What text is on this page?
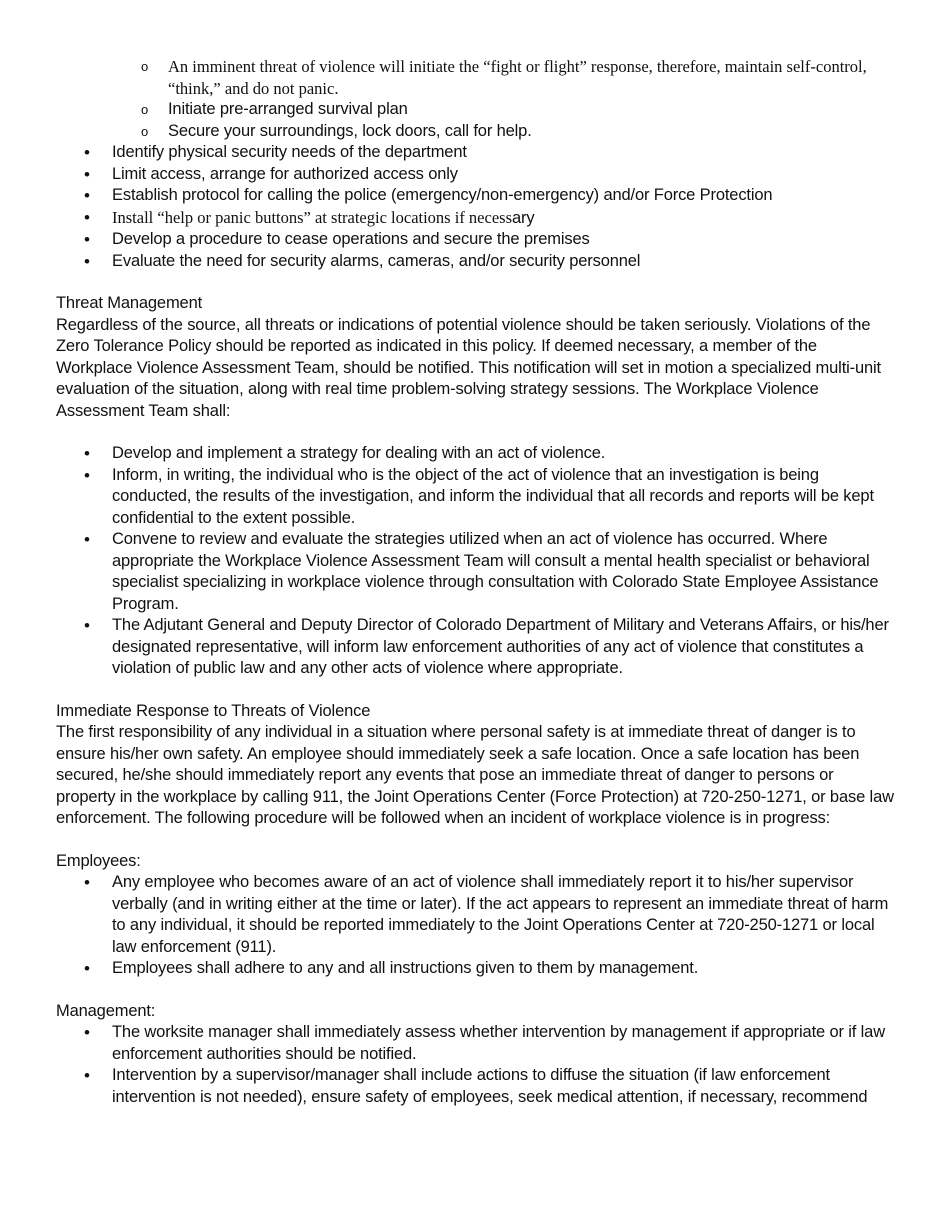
o An imminent threat of violence will initiate the “fight or flight” response, therefore, maintain self-control, “think,” and do not panic.
o Initiate pre-arranged survival plan
o Secure your surroundings, lock doors, call for help.
• Identify physical security needs of the department
• Limit access, arrange for authorized access only
• Establish protocol for calling the police (emergency/non-emergency) and/or Force Protection
• Install “help or panic buttons” at strategic locations if necessary
• Develop a procedure to cease operations and secure the premises
• Evaluate the need for security alarms, cameras, and/or security personnel
Threat Management

Regardless of the source, all threats or indications of potential violence should be taken seriously. Violations of the Zero Tolerance Policy should be reported as indicated in this policy. If deemed necessary, a member of the Workplace Violence Assessment Team, should be notified. This notification will set in motion a specialized multi-unit evaluation of the situation, along with real time problem-solving strategy sessions. The Workplace Violence Assessment Team shall:

• Develop and implement a strategy for dealing with an act of violence.
• Inform, in writing, the individual who is the object of the act of violence that an investigation is being conducted, the results of the investigation, and inform the individual that all records and reports will be kept confidential to the extent possible.
• Convene to review and evaluate the strategies utilized when an act of violence has occurred. Where appropriate the Workplace Violence Assessment Team will consult a mental health specialist or behavioral specialist specializing in workplace violence through consultation with Colorado State Employee Assistance Program.
• The Adjutant General and Deputy Director of Colorado Department of Military and Veterans Affairs, or his/her designated representative, will inform law enforcement authorities of any act of violence that constitutes a violation of public law and any other acts of violence where appropriate.
Immediate Response to Threats of Violence

The first responsibility of any individual in a situation where personal safety is at immediate threat of danger is to ensure his/her own safety. An employee should immediately seek a safe location. Once a safe location has been secured, he/she should immediately report any events that pose an immediate threat of danger to persons or property in the workplace by calling 911, the Joint Operations Center (Force Protection) at 720-250-1271, or base law enforcement. The following procedure will be followed when an incident of workplace violence is in progress:

Employees:
• Any employee who becomes aware of an act of violence shall immediately report it to his/her supervisor verbally (and in writing either at the time or later). If the act appears to represent an immediate threat of harm to any individual, it should be reported immediately to the Joint Operations Center at 720-250-1271 or local law enforcement (911).
• Employees shall adhere to any and all instructions given to them by management.
Management:
• The worksite manager shall immediately assess whether intervention by management if appropriate or if law enforcement authorities should be notified.
• Intervention by a supervisor/manager shall include actions to diffuse the situation (if law enforcement intervention is not needed), ensure safety of employees, seek medical attention, if necessary, recommend
